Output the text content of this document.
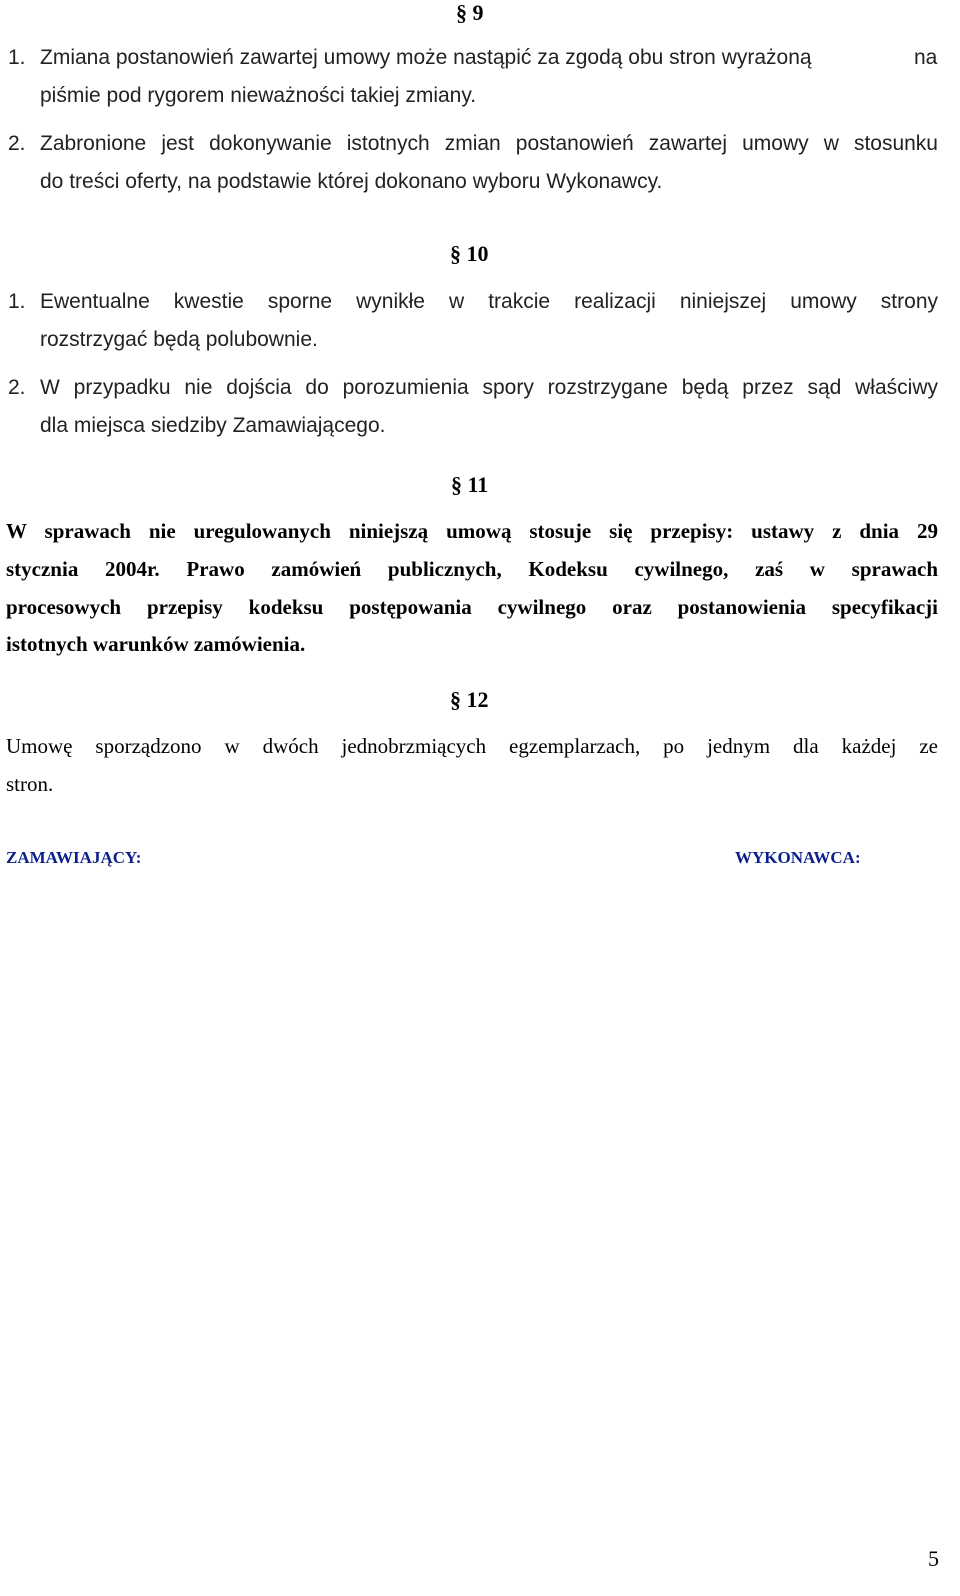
§ 9
1. Zmiana postanowień zawartej umowy może nastąpić za zgodą obu stron wyrażoną	na
piśmie pod rygorem nieważności takiej zmiany.
2. Zabronione jest dokonywanie istotnych zmian postanowień zawartej umowy w stosunku
do treści oferty, na podstawie której dokonano wyboru Wykonawcy.
§ 10
1. Ewentualne kwestie sporne wynikłe w trakcie realizacji niniejszej umowy strony
rozstrzygać będą polubownie.
2. W przypadku nie dojścia do porozumienia spory rozstrzygane będą przez sąd właściwy
dla miejsca siedziby Zamawiającego.
§ 11
W sprawach nie uregulowanych niniejszą umową stosuje się przepisy: ustawy z dnia 29
stycznia 2004r. Prawo zamówień publicznych, Kodeksu cywilnego, zaś w sprawach
procesowych przepisy kodeksu postępowania cywilnego oraz postanowienia specyfikacji
istotnych warunków zamówienia.
§ 12
Umowę sporządzono w dwóch jednobrzmiących egzemplarzach, po jednym dla każdej ze
stron.
ZAMAWIAJĄCY:	WYKONAWCA:
5
